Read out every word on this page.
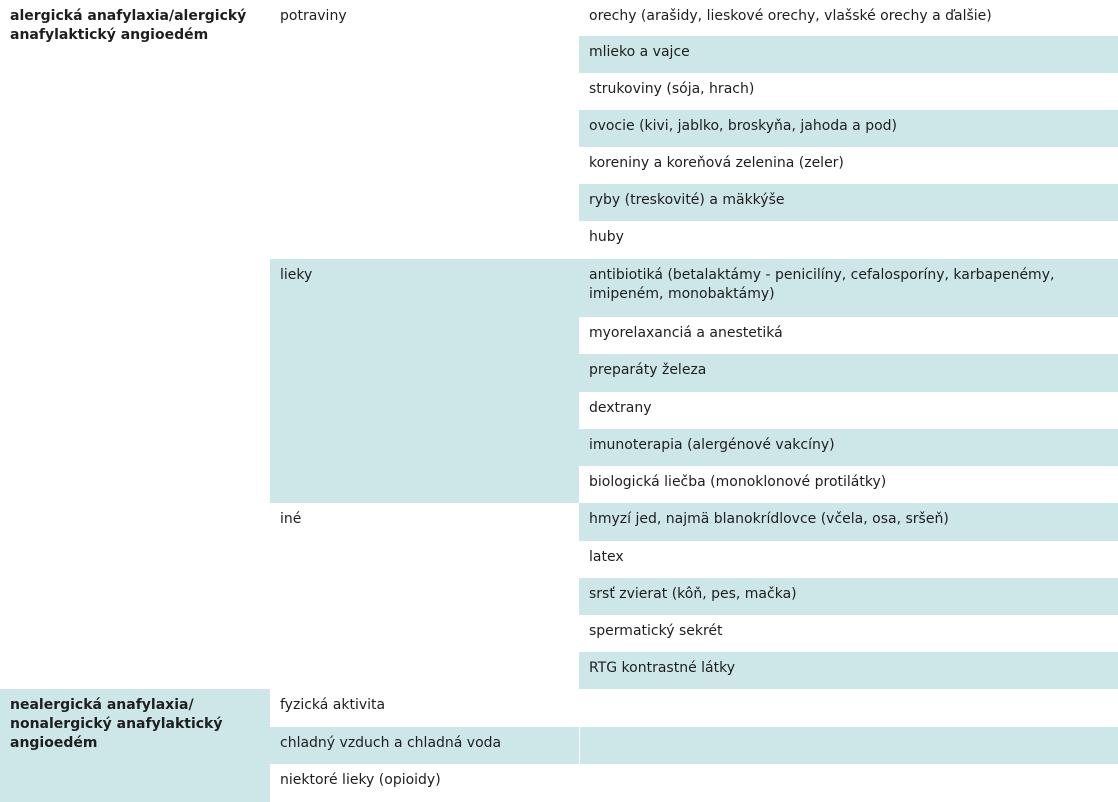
alergická anafylaxia/alergický anafylaktický angioedém	potraviny	orechy (arašidy, lieskové orechy, vlašské orechy a ďalšie)
		mlieko a vajce
		strukoviny (sója, hrach)
		ovocie (kivi, jablko, broskyňa, jahoda a pod)
		koreniny a koreňová zelenina (zeler)
		ryby (treskovité) a mäkkýše
		huby
	lieky	antibiotiká (betalaktámy - penicilíny, cefalosporíny, karbapenémy, imipeném, monobaktámy)
		myorelaxanciá a anestetiká
		preparáty železa
		dextrany
		imunoterapia (alergénové vakcíny)
		biologická liečba (monoklonové protilátky)
	iné	hmyzí jed, najmä blanokrídlovce (včela, osa, sršeň)
		latex
		srsť zvierat (kôň, pes, mačka)
		spermatický sekrét
		RTG kontrastné látky
nealergická anafylaxia/ nonalergický anafylaktický angioedém	fyzická aktivita	
	chladný vzduch a chladná voda	
	niektoré lieky (opioidy)	
